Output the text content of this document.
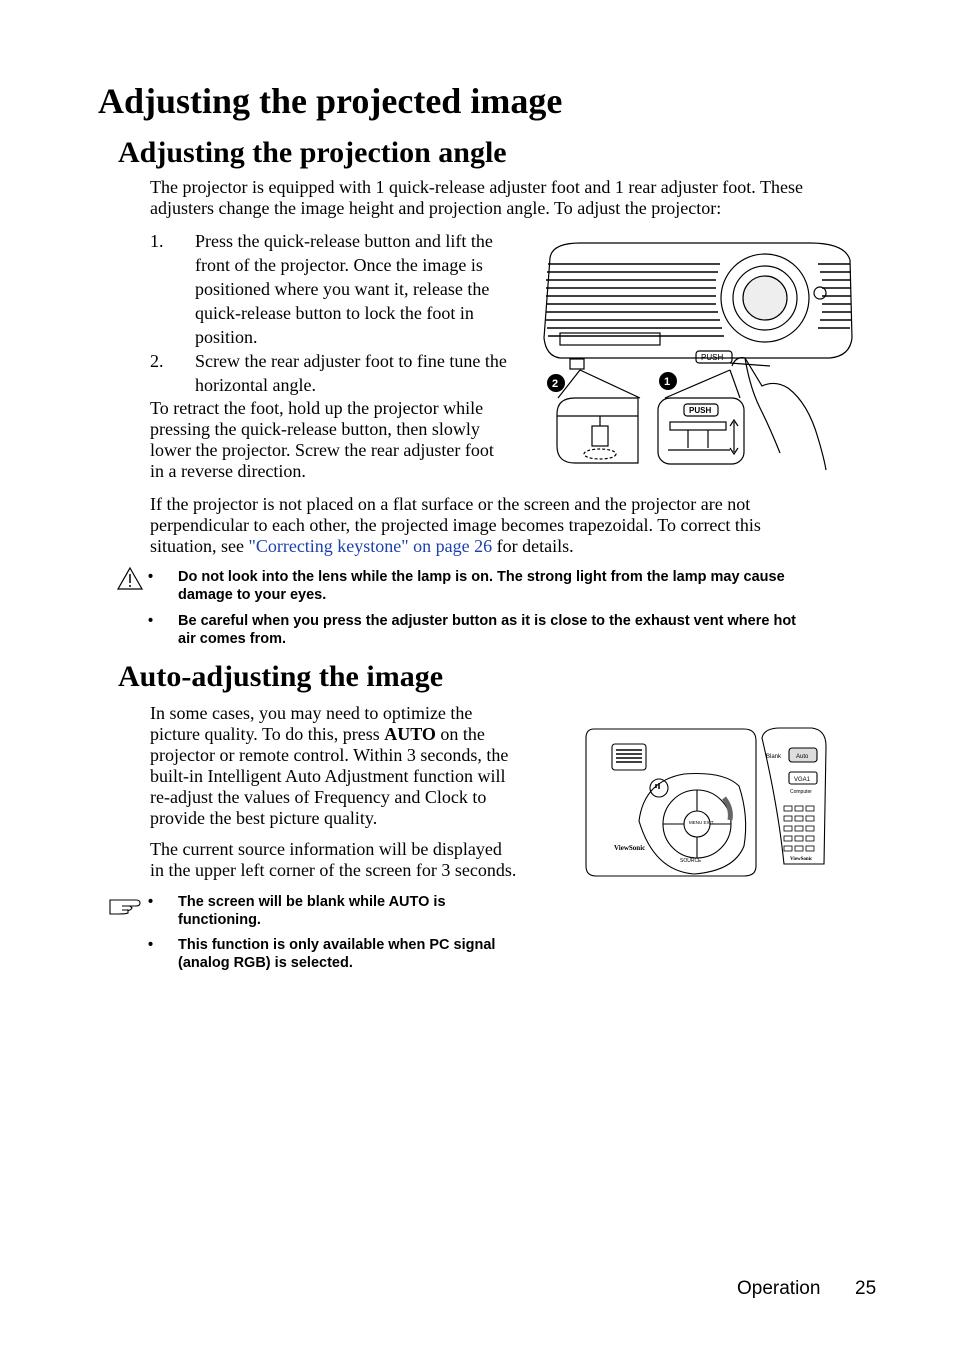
Adjusting the projected image
Adjusting the projection angle
The projector is equipped with 1 quick-release adjuster foot and 1 rear adjuster foot. These adjusters change the image height and projection angle. To adjust the projector:
1. Press the quick-release button and lift the
front of the projector. Once the image is
positioned where you want it, release the
quick-release button to lock the foot in
position.
2. Screw the rear adjuster foot to fine tune the
horizontal angle.
To retract the foot, hold up the projector while
pressing the quick-release button, then slowly
lower the projector. Screw the rear adjuster foot
in a reverse direction.
PUSH
PUSH
1
2
If the projector is not placed on a flat surface or the screen and the projector are not
perpendicular to each other, the projected image becomes trapezoidal. To correct this
situation, see "Correcting keystone" on page 26 for details.
• Do not look into the lens while the lamp is on. The strong light from the lamp may cause
damage to your eyes.
• Be careful when you press the adjuster button as it is close to the exhaust vent where hot
air comes from.
Auto-adjusting the image
In some cases, you may need to optimize the
picture quality. To do this, press AUTO on the
projector or remote control. Within 3 seconds, the
built-in Intelligent Auto Adjustment function will
re-adjust the values of Frequency and Clock to
provide the best picture quality.
The current source information will be displayed
in the upper left corner of the screen for 3 seconds.
ViewSonic
MENU EXIT
SOURCE
Blank Auto
VGA1
Computer
ViewSonic
• The screen will be blank while AUTO is
functioning.
• This function is only available when PC signal
(analog RGB) is selected.
Operation 25
